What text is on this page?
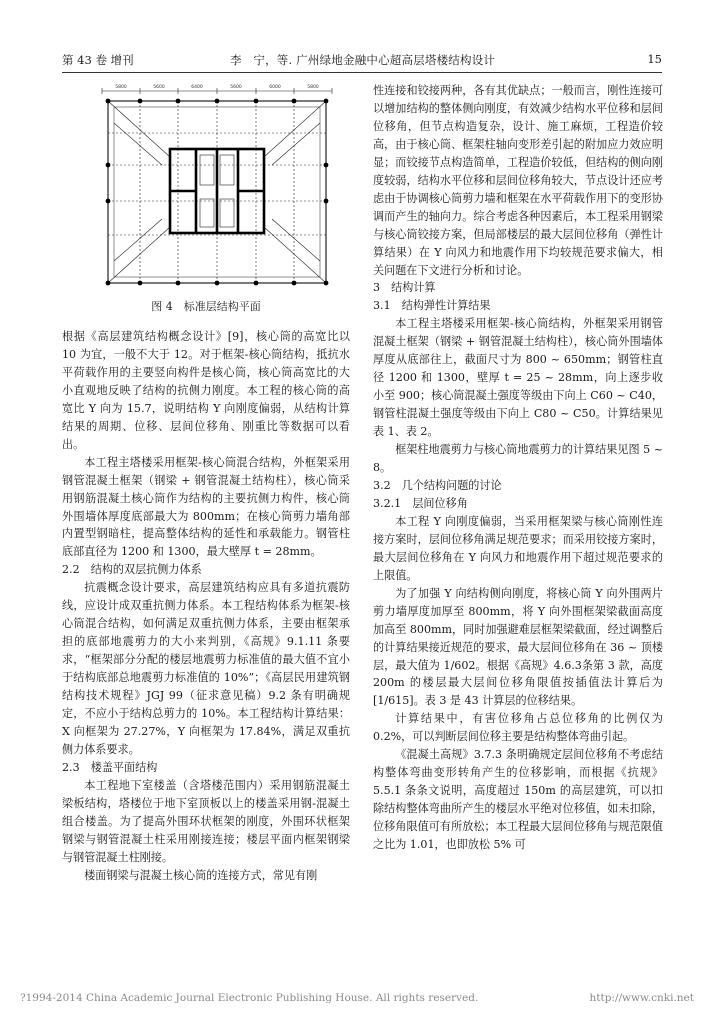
第 43 卷 增刊	李　宁，等. 广州绿地金融中心超高层塔楼结构设计	15
5800	5600	6400	5600	6000	5800
图 4　标准层结构平面

根据《高层建筑结构概念设计》[9]，核心筒的高宽比以 10 为宜，一般不大于 12。对于框架-核心筒结构，抵抗水平荷载作用的主要竖向构件是核心筒，核心筒高宽比的大小直观地反映了结构的抗侧力刚度。本工程的核心筒的高宽比 Y 向为 15.7，说明结构 Y 向刚度偏弱，从结构计算结果的周期、位移、层间位移角、刚重比等数据可以看出。

本工程主塔楼采用框架-核心筒混合结构，外框架采用钢管混凝土框架（钢梁 + 钢管混凝土结构柱），核心筒采用钢筋混凝土核心筒作为结构的主要抗侧力构件，核心筒外围墙体厚度底部最大为 800mm；在核心筒剪力墙角部内置型钢暗柱，提高整体结构的延性和承载能力。钢管柱底部直径为 1200 和 1300，最大壁厚 t = 28mm。

2.2　结构的双层抗侧力体系

抗震概念设计要求，高层建筑结构应具有多道抗震防线，应设计成双重抗侧力体系。本工程结构体系为框架-核心筒混合结构，如何满足双重抗侧力体系，主要由框架承担的底部地震剪力的大小来判别，《高规》9.1.11 条要求，“框架部分分配的楼层地震剪力标准值的最大值不宜小于结构底部总地震剪力标准值的 10%”；《高层民用建筑钢结构技术规程》JGJ 99（征求意见稿）9.2 条有明确规定，不应小于结构总剪力的 10%。本工程结构计算结果：X 向框架为 27.27%，Y 向框架为 17.84%，满足双重抗侧力体系要求。

2.3　楼盖平面结构

本工程地下室楼盖（含塔楼范围内）采用钢筋混凝土梁板结构，塔楼位于地下室顶板以上的楼盖采用钢-混凝土组合楼盖。为了提高外围环状框架的刚度，外围环状框架钢梁与钢管混凝土柱采用刚接连接；楼层平面内框架钢梁与钢管混凝土柱刚接。

楼面钢梁与混凝土核心筒的连接方式，常见有刚

性连接和铰接两种，各有其优缺点；一般而言，刚性连接可以增加结构的整体侧向刚度，有效减少结构水平位移和层间位移角，但节点构造复杂，设计、施工麻烦，工程造价较高，由于核心筒、框架柱轴向变形差引起的附加应力效应明显；而铰接节点构造简单，工程造价较低，但结构的侧向刚度较弱，结构水平位移和层间位移角较大，节点设计还应考虑由于协调核心筒剪力墙和框架在水平荷载作用下的变形协调而产生的轴向力。综合考虑各种因素后，本工程采用钢梁与核心筒铰接方案，但局部楼层的最大层间位移角（弹性计算结果）在 Y 向风力和地震作用下均较规范要求偏大，相关问题在下文进行分析和讨论。

3　结构计算

3.1　结构弹性计算结果

本工程主塔楼采用框架-核心筒结构，外框架采用钢管混凝土框架（钢梁 + 钢管混凝土结构柱），核心筒外围墙体厚度从底部往上，截面尺寸为 800 ~ 650mm；钢管柱直径 1200 和 1300，壁厚 t = 25 ~ 28mm，向上逐步收小至 900；核心筒混凝土强度等级由下向上 C60 ~ C40，钢管柱混凝土强度等级由下向上 C80 ~ C50。计算结果见表 1、表 2。

框架柱地震剪力与核心筒地震剪力的计算结果见图 5 ~ 8。

3.2　几个结构问题的讨论

3.2.1　层间位移角

本工程 Y 向刚度偏弱，当采用框架梁与核心筒刚性连接方案时，层间位移角满足规范要求；而采用铰接方案时，最大层间位移角在 Y 向风力和地震作用下超过规范要求的上限值。

为了加强 Y 向结构侧向刚度，将核心筒 Y 向外围两片剪力墙厚度加厚至 800mm，将 Y 向外围框架梁截面高度加高至 800mm，同时加强避难层框架梁截面，经过调整后的计算结果接近规范的要求，最大层间位移角在 36 ~ 顶楼层，最大值为 1/602。根据《高规》4.6.3条第 3 款，高度 200m 的楼层最大层间位移角限值按插值法计算后为 [1/615]。表 3 是 43 计算层的位移结果。

计算结果中，有害位移角占总位移角的比例仅为 0.2%，可以判断层间位移主要是结构整体弯曲引起。

《混凝土高规》3.7.3 条明确规定层间位移角不考虑结构整体弯曲变形转角产生的位移影响，而根据《抗规》5.5.1 条条文说明，高度超过 150m 的高层建筑，可以扣除结构整体弯曲所产生的楼层水平绝对位移值，如未扣除，位移角限值可有所放松；本工程最大层间位移角与规范限值之比为 1.01，也即放松 5% 可

?1994-2014 China Academic Journal Electronic Publishing House. All rights reserved.	http://www.cnki.net
